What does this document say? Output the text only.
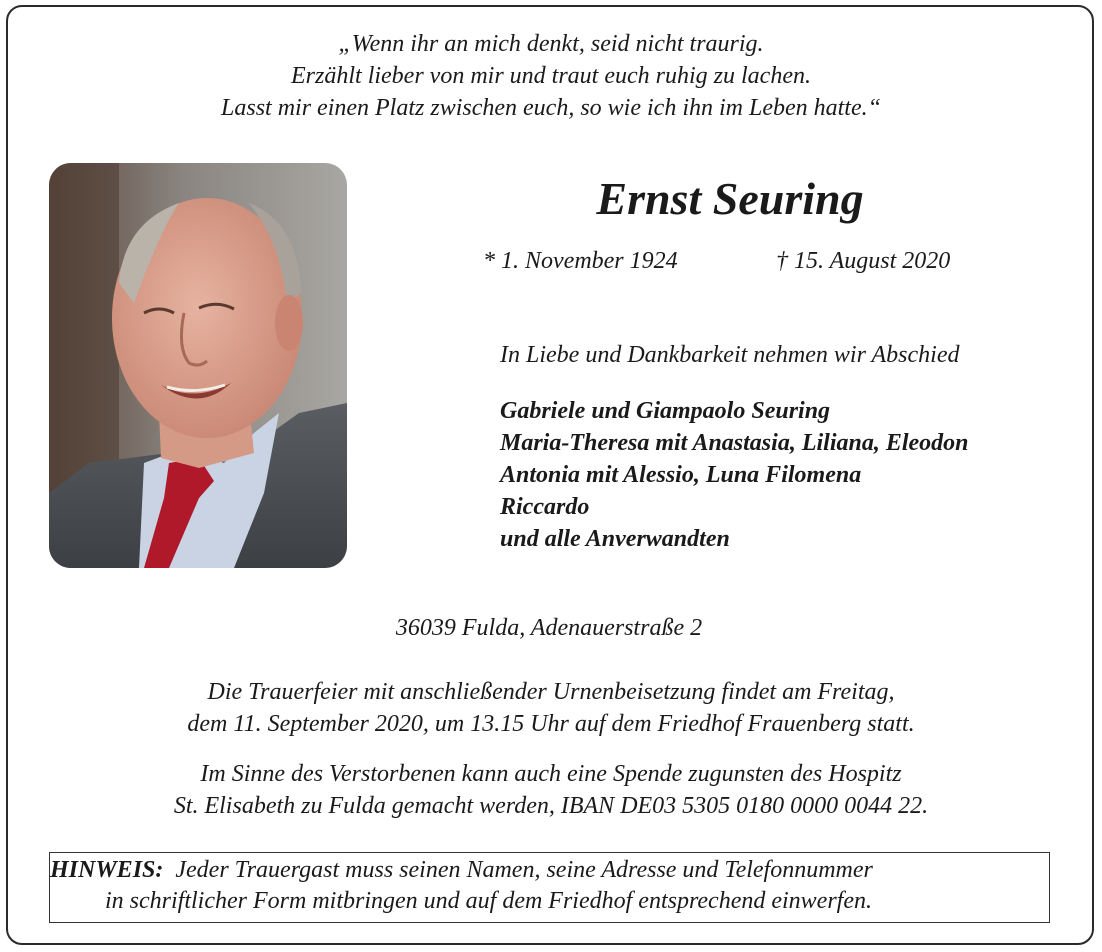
„Wenn ihr an mich denkt, seid nicht traurig.
Erzählt lieber von mir und traut euch ruhig zu lachen.
Lasst mir einen Platz zwischen euch, so wie ich ihn im Leben hatte.“
Ernst Seuring
* 1. November 1924	† 15. August 2020
In Liebe und Dankbarkeit nehmen wir Abschied
Gabriele und Giampaolo Seuring
Maria-Theresa mit Anastasia, Liliana, Eleodon
Antonia mit Alessio, Luna Filomena
Riccardo
und alle Anverwandten
36039 Fulda, Adenauerstraße 2
Die Trauerfeier mit anschließender Urnenbeisetzung findet am Freitag,
dem 11. September 2020, um 13.15 Uhr auf dem Friedhof Frauenberg statt.
Im Sinne des Verstorbenen kann auch eine Spende zugunsten des Hospitz
St. Elisabeth zu Fulda gemacht werden, IBAN DE03 5305 0180 0000 0044 22.
HINWEIS: Jeder Trauergast muss seinen Namen, seine Adresse und Telefonnummer
in schriftlicher Form mitbringen und auf dem Friedhof entsprechend einwerfen.
